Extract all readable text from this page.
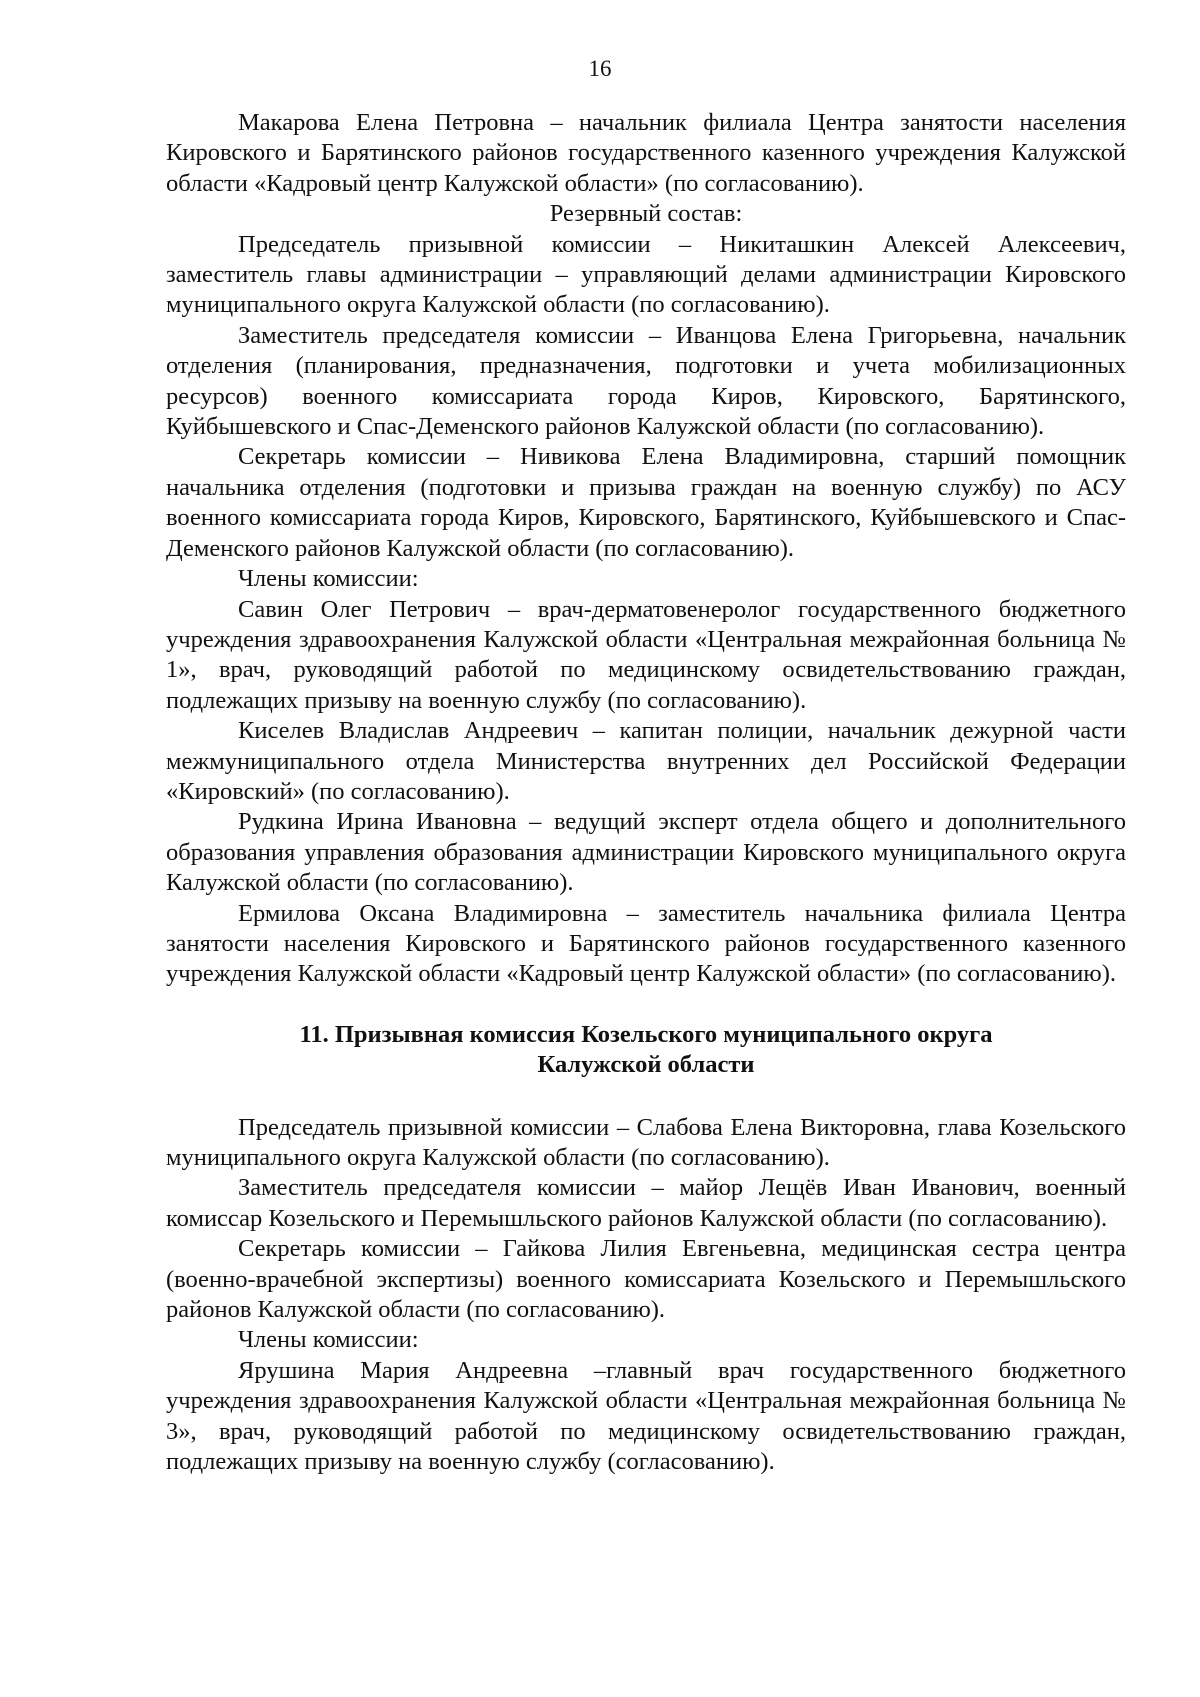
16

Макарова Елена Петровна – начальник филиала Центра занятости населения Кировского и Барятинского районов государственного казенного учреждения Калужской области «Кадровый центр Калужской области» (по согласованию).

Резервный состав:

Председатель призывной комиссии – Никиташкин Алексей Алексеевич, заместитель главы администрации – управляющий делами администрации Кировского муниципального округа Калужской области (по согласованию).

Заместитель председателя комиссии – Иванцова Елена Григорьевна, начальник отделения (планирования, предназначения, подготовки и учета мобилизационных ресурсов) военного комиссариата города Киров, Кировского, Барятинского, Куйбышевского и Спас-Деменского районов Калужской области (по согласованию).

Секретарь комиссии – Нивикова Елена Владимировна, старший помощник начальника отделения (подготовки и призыва граждан на военную службу) по АСУ военного комиссариата города Киров, Кировского, Барятинского, Куйбышевского и Спас-Деменского районов Калужской области (по согласованию).

Члены комиссии:

Савин Олег Петрович – врач-дерматовенеролог государственного бюджетного учреждения здравоохранения Калужской области «Центральная межрайонная больница № 1», врач, руководящий работой по медицинскому освидетельствованию граждан, подлежащих призыву на военную службу (по согласованию).

Киселев Владислав Андреевич – капитан полиции, начальник дежурной части межмуниципального отдела Министерства внутренних дел Российской Федерации «Кировский» (по согласованию).

Рудкина Ирина Ивановна – ведущий эксперт отдела общего и дополнительного образования управления образования администрации Кировского муниципального округа Калужской области (по согласованию).

Ермилова Оксана Владимировна – заместитель начальника филиала Центра занятости населения Кировского и Барятинского районов государственного казенного учреждения Калужской области «Кадровый центр Калужской области» (по согласованию).

11. Призывная комиссия Козельского муниципального округа
Калужской области

Председатель призывной комиссии – Слабова Елена Викторовна, глава Козельского муниципального округа Калужской области (по согласованию).

Заместитель председателя комиссии – майор Лещёв Иван Иванович, военный комиссар Козельского и Перемышльского районов Калужской области (по согласованию).

Секретарь комиссии – Гайкова Лилия Евгеньевна, медицинская сестра центра (военно-врачебной экспертизы) военного комиссариата Козельского и Перемышльского районов Калужской области (по согласованию).

Члены комиссии:

Ярушина Мария Андреевна –главный врач государственного бюджетного учреждения здравоохранения Калужской области «Центральная межрайонная больница № 3», врач, руководящий работой по медицинскому освидетельствованию граждан, подлежащих призыву на военную службу (согласованию).
